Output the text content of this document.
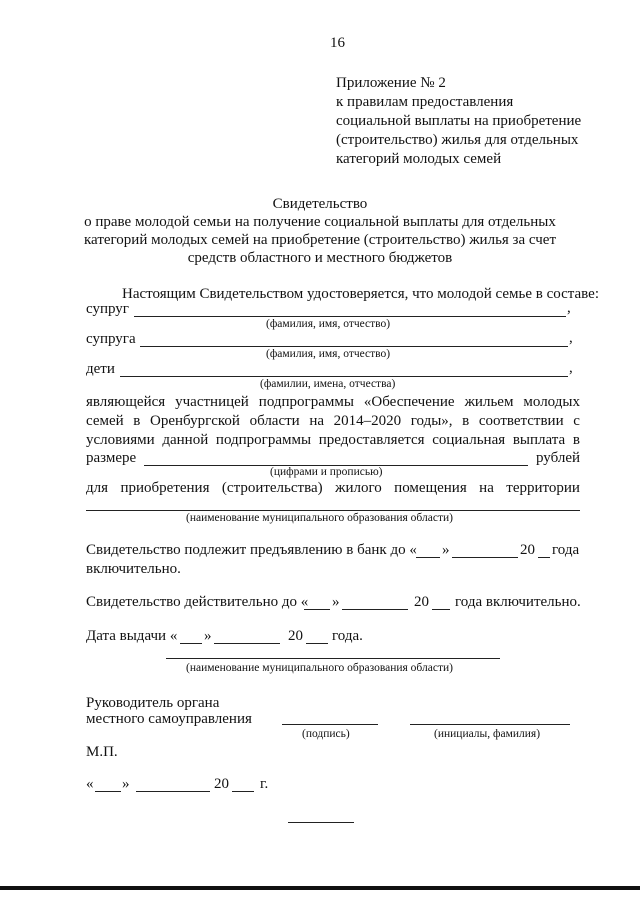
16
Приложение № 2
к правилам предоставления
социальной выплаты на приобретение
(строительство) жилья для отдельных
категорий молодых семей
Свидетельство
о праве молодой семьи на получение социальной выплаты для отдельных
категорий молодых семей на приобретение (строительство) жилья за счет
средств областного и местного бюджетов
Настоящим Свидетельством удостоверяется, что молодой семье в составе:
супруг	,
(фамилия, имя, отчество)
супруга	,
(фамилия, имя, отчество)
дети	,
(фамилии, имена, отчества)
являющейся участницей подпрограммы «Обеспечение жильем молодых
семей в Оренбургской области на 2014–2020 годы», в соответствии с
условиями данной подпрограммы предоставляется социальная выплата в
размере	рублей
(цифрами и прописью)
для приобретения (строительства) жилого помещения на территории
(наименование муниципального образования области)
Свидетельство подлежит предъявлению в банк до « »	20 года
включительно.
Свидетельство действительно до « »	20 года включительно.
Дата выдачи « »	20 года.
(наименование муниципального образования области)
Руководитель органа
местного самоуправления
(подпись)	(инициалы, фамилия)
М.П.
« »	20 г.
